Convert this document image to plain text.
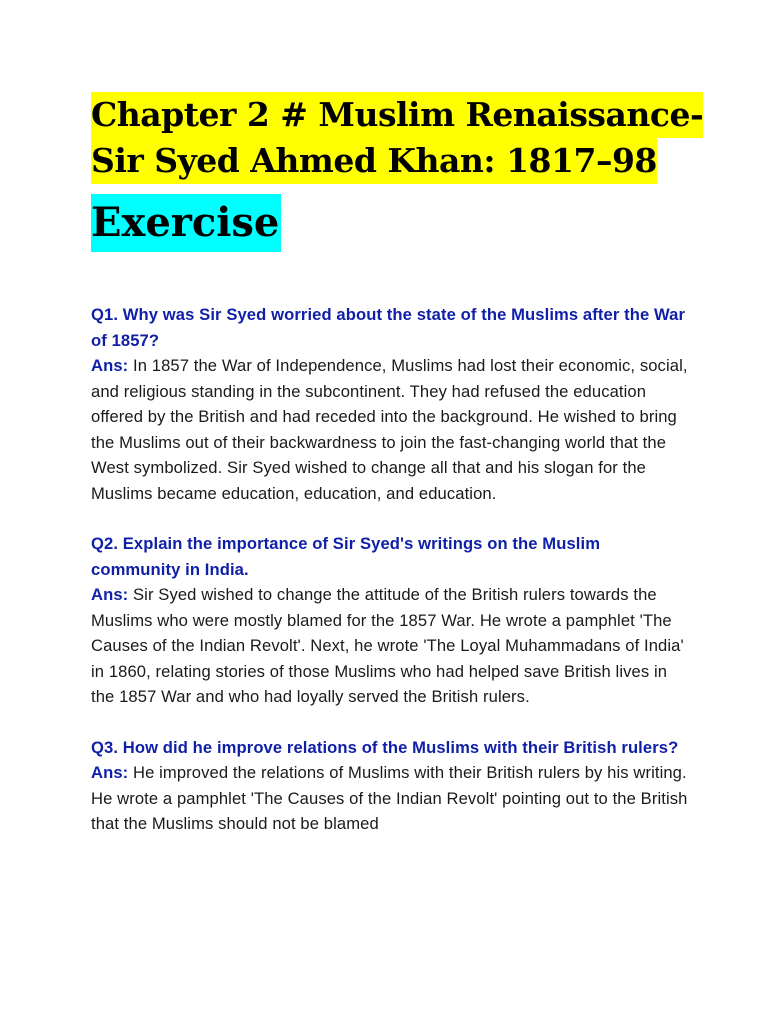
Chapter 2 # Muslim Renaissance-
Sir Syed Ahmed Khan: 1817–98
Exercise
Q1. Why was Sir Syed worried about the state of the Muslims after the War of 1857?
Ans: In 1857 the War of Independence, Muslims had lost their economic, social, and religious standing in the subcontinent. They had refused the education offered by the British and had receded into the background. He wished to bring the Muslims out of their backwardness to join the fast-changing world that the West symbolized. Sir Syed wished to change all that and his slogan for the Muslims became education, education, and education.
Q2. Explain the importance of Sir Syed's writings on the Muslim community in India.
Ans: Sir Syed wished to change the attitude of the British rulers towards the Muslims who were mostly blamed for the 1857 War. He wrote a pamphlet 'The Causes of the Indian Revolt'. Next, he wrote 'The Loyal Muhammadans of India' in 1860, relating stories of those Muslims who had helped save British lives in the 1857 War and who had loyally served the British rulers.
Q3. How did he improve relations of the Muslims with their British rulers?
Ans: He improved the relations of Muslims with their British rulers by his writing. He wrote a pamphlet 'The Causes of the Indian Revolt' pointing out to the British that the Muslims should not be blamed
